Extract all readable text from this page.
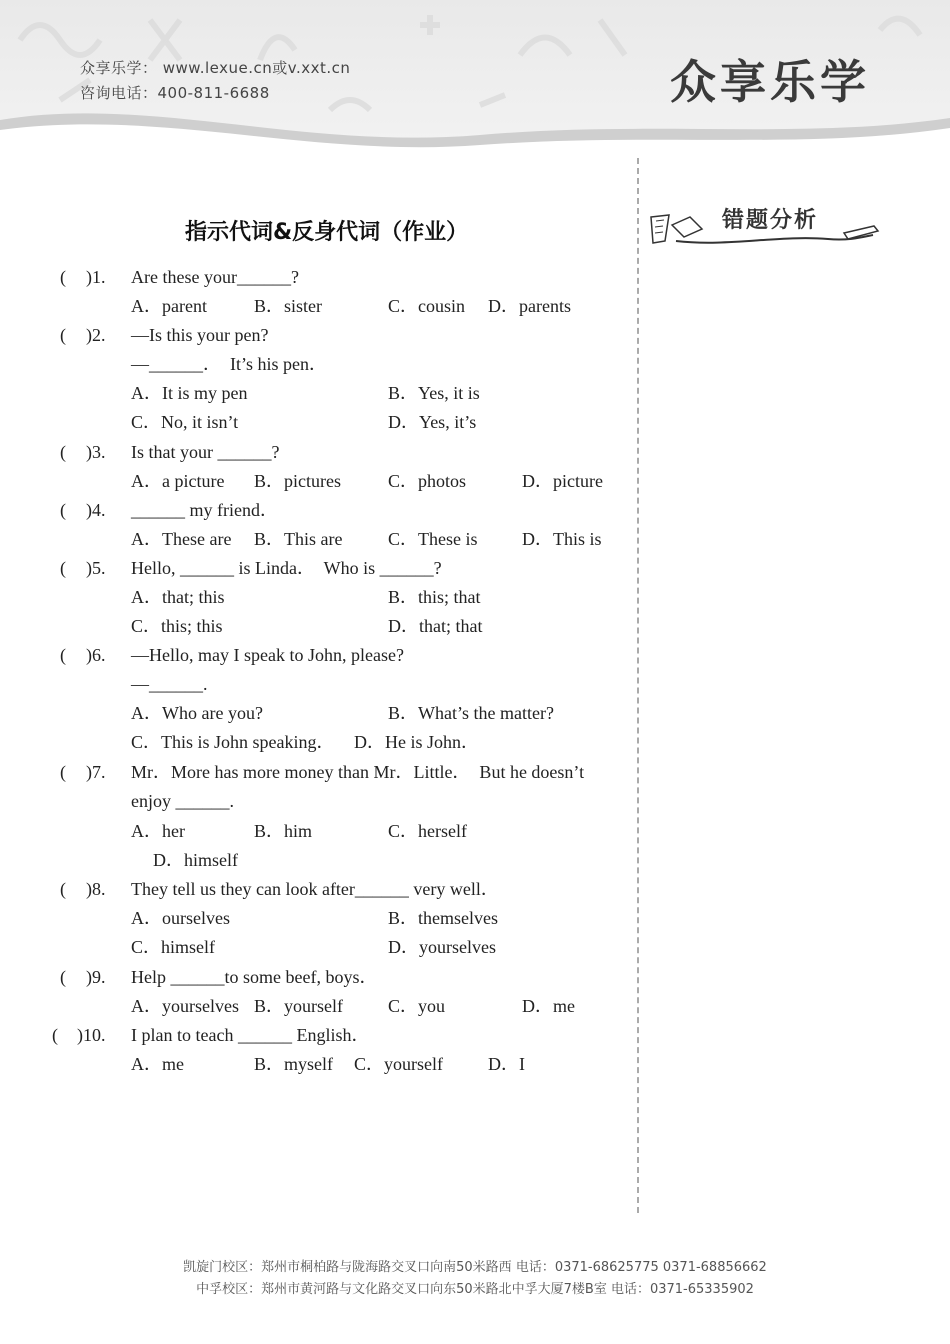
众享乐学： www.lexue.cn或v.xxt.cn
咨询电话：400-811-6688	众享乐学
错题分析
指示代词&反身代词（作业）
( )1. Are these your______?
A．parent	B．sister	C．cousin D．parents
( )2. —Is this your pen?
—______．  It’s his pen．
A．It is my pen	B．Yes, it is
C．No, it isn’t	D．Yes, it’s
( )3. Is that your ______?
A．a picture B．pictures	C．photos	D．picture
( )4. ______ my friend．
A．These are B．This are	C．These is D．This is
( )5. Hello, ______ is Linda．  Who is ______?
A．that; this	B．this; that
C．this; this	D．that; that
( )6. —Hello, may I speak to John, please?
—______.
A．Who are you?	B．What’s the matter?
C．This is John speaking． D．He is John．
( )7. Mr．More has more money than Mr．Little．  But he doesn’t
enjoy ______.
A．her	B．him	C．herself
D．himself
( )8. They tell us they can look after______ very well．
A．ourselves	B．themselves
C．himself	D．yourselves
( )9. Help ______to some beef, boys．
A．yourselves B．yourself	C．you	D．me
( )10. I plan to teach ______ English．
A．me	B．myself C．yourself	D．I
凯旋门校区：郑州市桐柏路与陇海路交叉口向南50米路西 电话：0371-68625775 0371-68856662
中孚校区：郑州市黄河路与文化路交叉口向东50米路北中孚大厦7楼B室 电话：0371-65335902
